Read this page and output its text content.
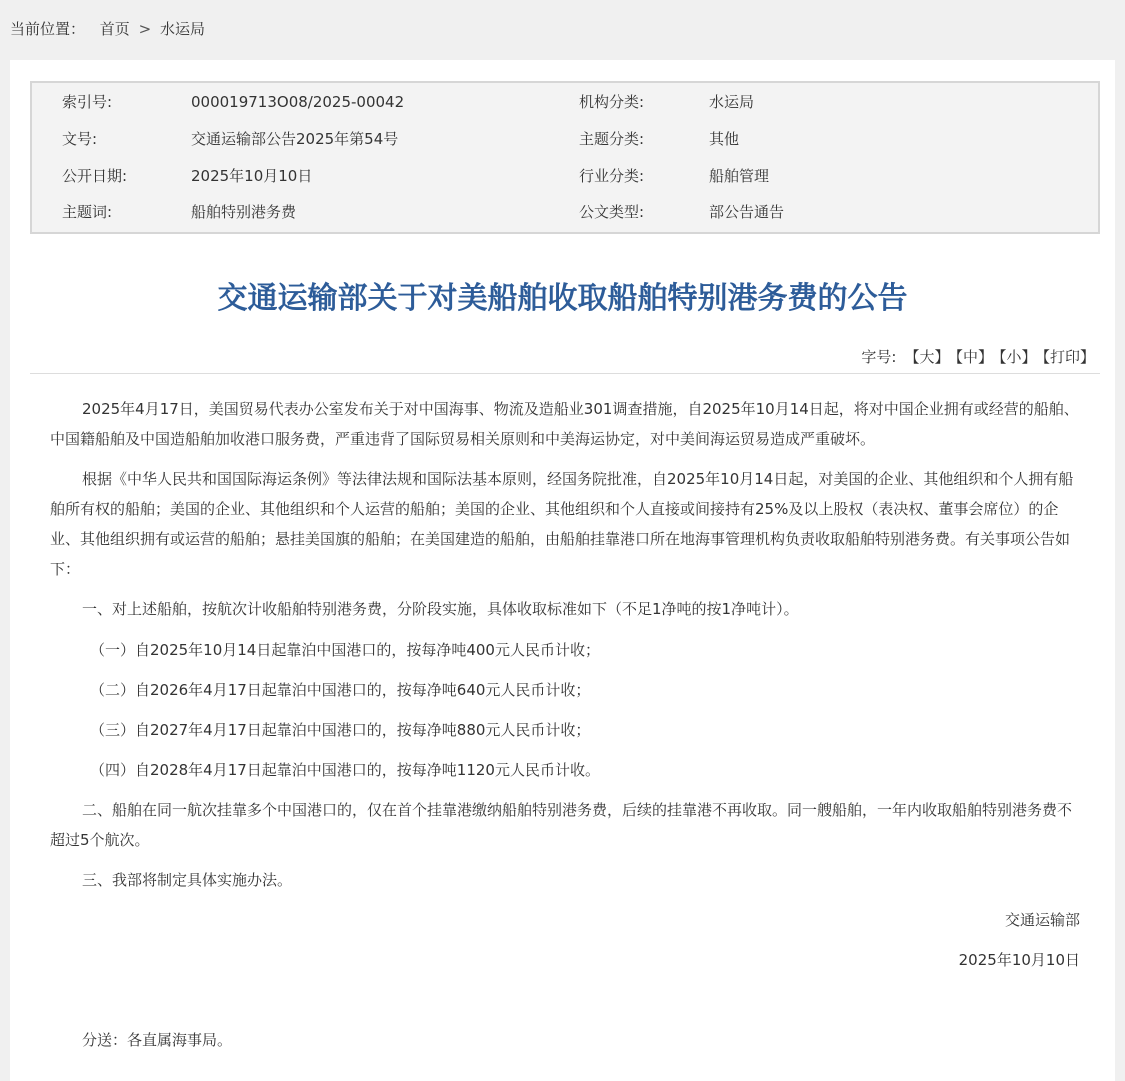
当前位置： 首页 > 水运局
索引号:	000019713O08/2025-00042	机构分类:	水运局
文号:	交通运输部公告2025年第54号	主题分类:	其他
公开日期:	2025年10月10日	行业分类:	船舶管理
主题词:	船舶特别港务费	公文类型:	部公告通告
交通运输部关于对美船舶收取船舶特别港务费的公告
字号: 【大】 【中】 【小】 【打印】

2025年4月17日，美国贸易代表办公室发布关于对中国海事、物流及造船业301调查措施，自2025年10月14日起，将对中国企业拥有或经营的船舶、中国籍船舶及中国造船舶加收港口服务费，严重违背了国际贸易相关原则和中美海运协定，对中美间海运贸易造成严重破坏。

根据《中华人民共和国国际海运条例》等法律法规和国际法基本原则，经国务院批准，自2025年10月14日起，对美国的企业、其他组织和个人拥有船舶所有权的船舶；美国的企业、其他组织和个人运营的船舶；美国的企业、其他组织和个人直接或间接持有25%及以上股权（表决权、董事会席位）的企业、其他组织拥有或运营的船舶；悬挂美国旗的船舶；在美国建造的船舶，由船舶挂靠港口所在地海事管理机构负责收取船舶特别港务费。有关事项公告如下：

一、对上述船舶，按航次计收船舶特别港务费，分阶段实施，具体收取标准如下（不足1净吨的按1净吨计）。

（一）自2025年10月14日起靠泊中国港口的，按每净吨400元人民币计收；
（二）自2026年4月17日起靠泊中国港口的，按每净吨640元人民币计收；
（三）自2027年4月17日起靠泊中国港口的，按每净吨880元人民币计收；
（四）自2028年4月17日起靠泊中国港口的，按每净吨1120元人民币计收。

二、船舶在同一航次挂靠多个中国港口的，仅在首个挂靠港缴纳船舶特别港务费，后续的挂靠港不再收取。同一艘船舶，一年内收取船舶特别港务费不超过5个航次。

三、我部将制定具体实施办法。

交通运输部
2025年10月10日
分送：各直属海事局。
